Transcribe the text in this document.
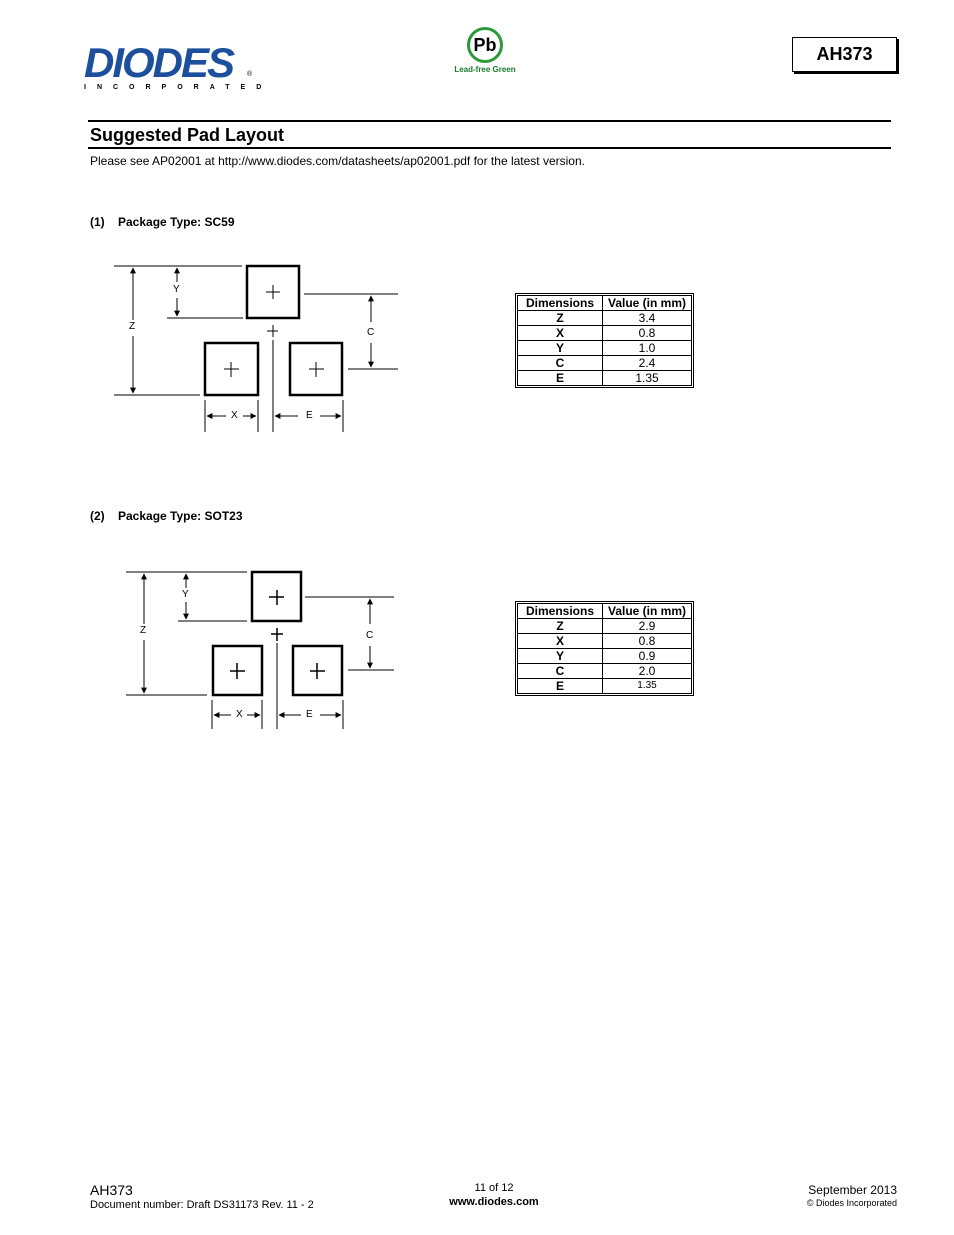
DIODES
INCORPORATED
®
Pb
Lead-free Green
AH373
Suggested Pad Layout
Please see AP02001 at http://www.diodes.com/datasheets/ap02001.pdf for the latest version.
(1)    Package Type: SC59
Y
Z
C
X	E
Dimensions	Value (in mm)
Z	3.4
X	0.8
Y	1.0
C	2.4
E	1.35
(2)    Package Type: SOT23
Y
Z	C
X	E
Dimensions	Value (in mm)
Z	2.9
X	0.8
Y	0.9
C	2.0
E	1.35
AH373
Document number: Draft DS31173 Rev. 11 - 2
11 of 12
www.diodes.com
September 2013
© Diodes Incorporated
